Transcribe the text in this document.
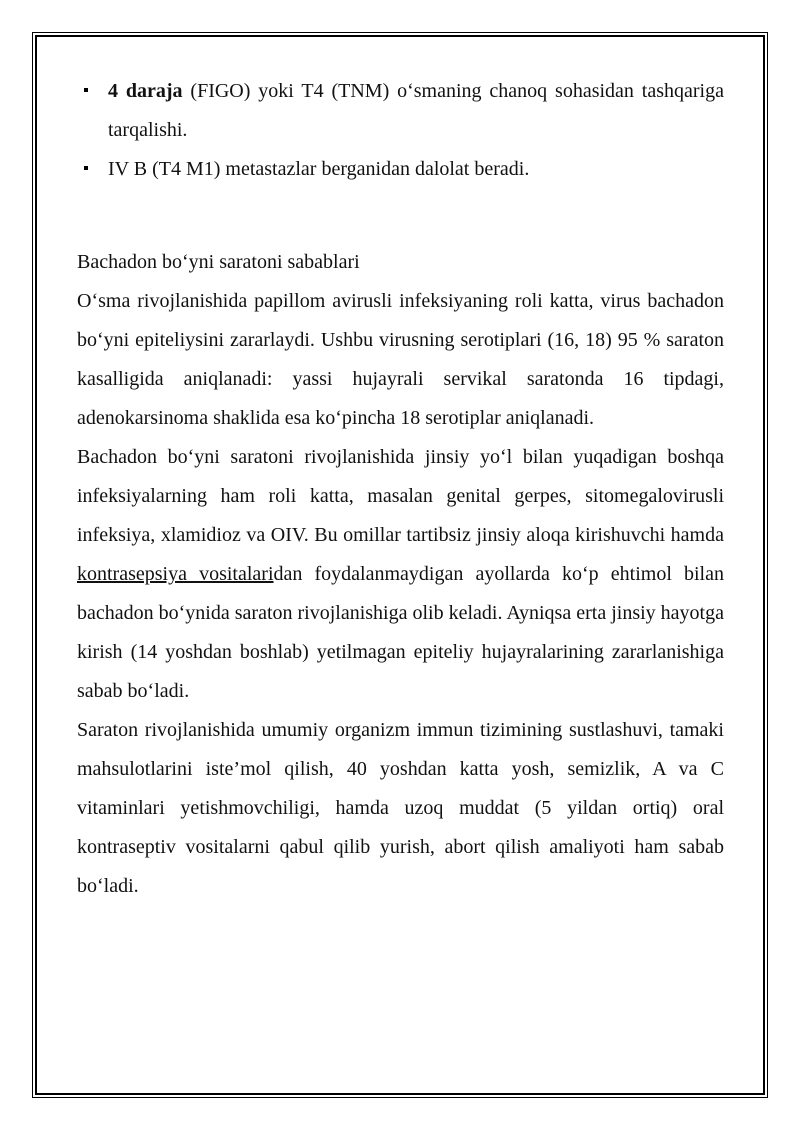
4 daraja (FIGO) yoki T4 (TNM) o‘smaning chanoq sohasidan tashqariga tarqalishi.
IV B (T4 M1) metastazlar berganidan dalolat beradi.

Bachadon bo‘yni saratoni sabablari

O‘sma rivojlanishida papillom avirusli infeksiyaning roli katta, virus bachadon bo‘yni epiteliysini zararlaydi. Ushbu virusning serotiplari (16, 18) 95 % saraton kasalligida aniqlanadi: yassi hujayrali servikal saratonda 16 tipdagi, adenokarsinoma shaklida esa ko‘pincha 18 serotiplar aniqlanadi.

Bachadon bo‘yni saratoni rivojlanishida jinsiy yo‘l bilan yuqadigan boshqa infeksiyalarning ham roli katta, masalan genital gerpes, sitomegalovirusli infeksiya, xlamidioz va OIV. Bu omillar tartibsiz jinsiy aloqa kirishuvchi hamda kontrasepsiya vositalaridan foydalanmaydigan ayollarda ko‘p ehtimol bilan bachadon bo‘ynida saraton rivojlanishiga olib keladi. Ayniqsa erta jinsiy hayotga kirish (14 yoshdan boshlab) yetilmagan epiteliy hujayralarining zararlanishiga sabab bo‘ladi.

Saraton rivojlanishida umumiy organizm immun tizimining sustlashuvi, tamaki mahsulotlarini iste’mol qilish, 40 yoshdan katta yosh, semizlik, A va C vitaminlari yetishmovchiligi, hamda uzoq muddat (5 yildan ortiq) oral kontraseptiv vositalarni qabul qilib yurish, abort qilish amaliyoti ham sabab bo‘ladi.
